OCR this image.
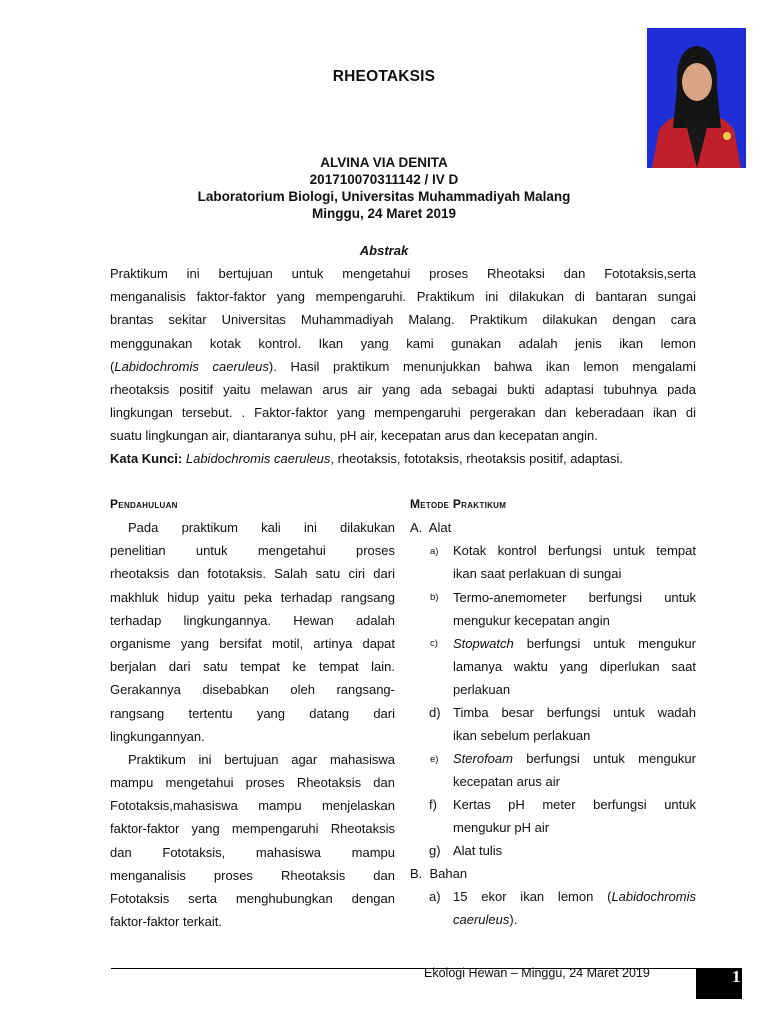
RHEOTAKSIS
ALVINA VIA DENITA
201710070311142 / IV D
Laboratorium Biologi, Universitas Muhammadiyah Malang
Minggu, 24 Maret 2019
Abstrak
Praktikum ini bertujuan untuk mengetahui proses Rheotaksi dan Fototaksis,serta
menganalisis faktor-faktor yang mempengaruhi. Praktikum ini dilakukan di bantaran sungai
brantas sekitar Universitas Muhammadiyah Malang. Praktikum dilakukan dengan cara
menggunakan kotak kontrol. Ikan yang kami gunakan adalah jenis ikan lemon
(Labidochromis caeruleus). Hasil praktikum menunjukkan bahwa ikan lemon mengalami
rheotaksis positif yaitu melawan arus air yang ada sebagai bukti adaptasi tubuhnya pada
lingkungan tersebut. . Faktor-faktor yang mempengaruhi pergerakan dan keberadaan ikan di
suatu lingkungan air, diantaranya suhu, pH air, kecepatan arus dan kecepatan angin.
Kata Kunci: Labidochromis caeruleus, rheotaksis, fototaksis, rheotaksis positif, adaptasi.
Pendahuluan
Pada praktikum kali ini dilakukan
penelitian untuk mengetahui proses
rheotaksis dan fototaksis. Salah satu ciri dari
makhluk hidup yaitu peka terhadap rangsang
terhadap lingkungannya. Hewan adalah
organisme yang bersifat motil, artinya dapat
berjalan dari satu tempat ke tempat lain.
Gerakannya disebabkan oleh rangsang-
rangsang tertentu yang datang dari
lingkungannyan.
Praktikum ini bertujuan agar mahasiswa
mampu mengetahui proses Rheotaksis dan
Fototaksis,mahasiswa mampu menjelaskan
faktor-faktor yang mempengaruhi Rheotaksis
dan Fototaksis, mahasiswa mampu
menganalisis proses Rheotaksis dan
Fototaksis serta menghubungkan dengan
faktor-faktor terkait.
Metode Praktikum
A.  Alat
a) Kotak kontrol berfungsi untuk tempat
ikan saat perlakuan di sungai
b) Termo-anemometer berfungsi untuk
mengukur kecepatan angin
c) Stopwatch berfungsi untuk mengukur
lamanya waktu yang diperlukan saat
perlakuan
d) Timba besar berfungsi untuk wadah
ikan sebelum perlakuan
e) Sterofoam berfungsi untuk mengukur
kecepatan arus air
f) Kertas pH meter berfungsi untuk
mengukur pH air
g) Alat tulis
B.  Bahan
a) 15  ekor  ikan  lemon  (Labidochromis
caeruleus).
Ekologi Hewan – Minggu, 24 Maret 2019	1
